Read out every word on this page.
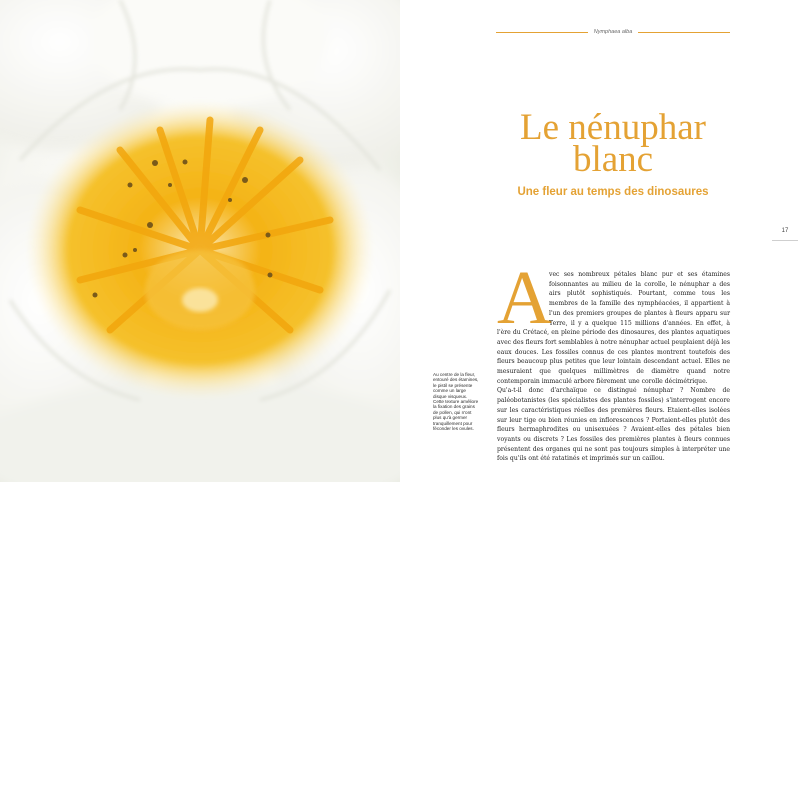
Au centre de la fleur, entouré des étamines, le pistil se présente comme un large disque visqueux. Cette texture améliore la fixation des grains de pollen, qui n'ont plus qu'à germer tranquillement pour féconder les ovules.
Nymphaea alba
Le nénuphar
blanc
Une fleur au temps des dinosaures
17
A

vec ses nombreux pétales blanc pur et ses étamines foisonnantes au milieu de la corolle, le nénuphar a des airs plutôt sophistiqués. Pourtant, comme tous les membres de la famille des nymphéacées, il appartient à l'un des premiers groupes de plantes à fleurs apparu sur Terre, il y a quelque 115 millions d'années. En effet, à l'ère du Crétacé, en pleine période des dinosaures, des plantes aquatiques avec des fleurs fort semblables à notre nénuphar actuel peuplaient déjà les eaux douces. Les fossiles connus de ces plantes montrent toutefois des fleurs beaucoup plus petites que leur lointain descendant actuel. Elles ne mesuraient que quelques millimètres de diamètre quand notre contemporain immaculé arbore fièrement une corolle décimétrique.

Qu'a-t-il donc d'archaïque ce distingué nénuphar ? Nombre de paléobotanistes (les spécialistes des plantes fossiles) s'interrogent encore sur les caractéristiques réelles des premières fleurs. Etaient-elles isolées sur leur tige ou bien réunies en inflorescences ? Portaient-elles plutôt des fleurs hermaphrodites ou unisexuées ? Avaient-elles des pétales bien voyants ou discrets ? Les fossiles des premières plantes à fleurs connues présentent des organes qui ne sont pas toujours simples à interpréter une fois qu'ils ont été ratatinés et imprimés sur un caillou.
